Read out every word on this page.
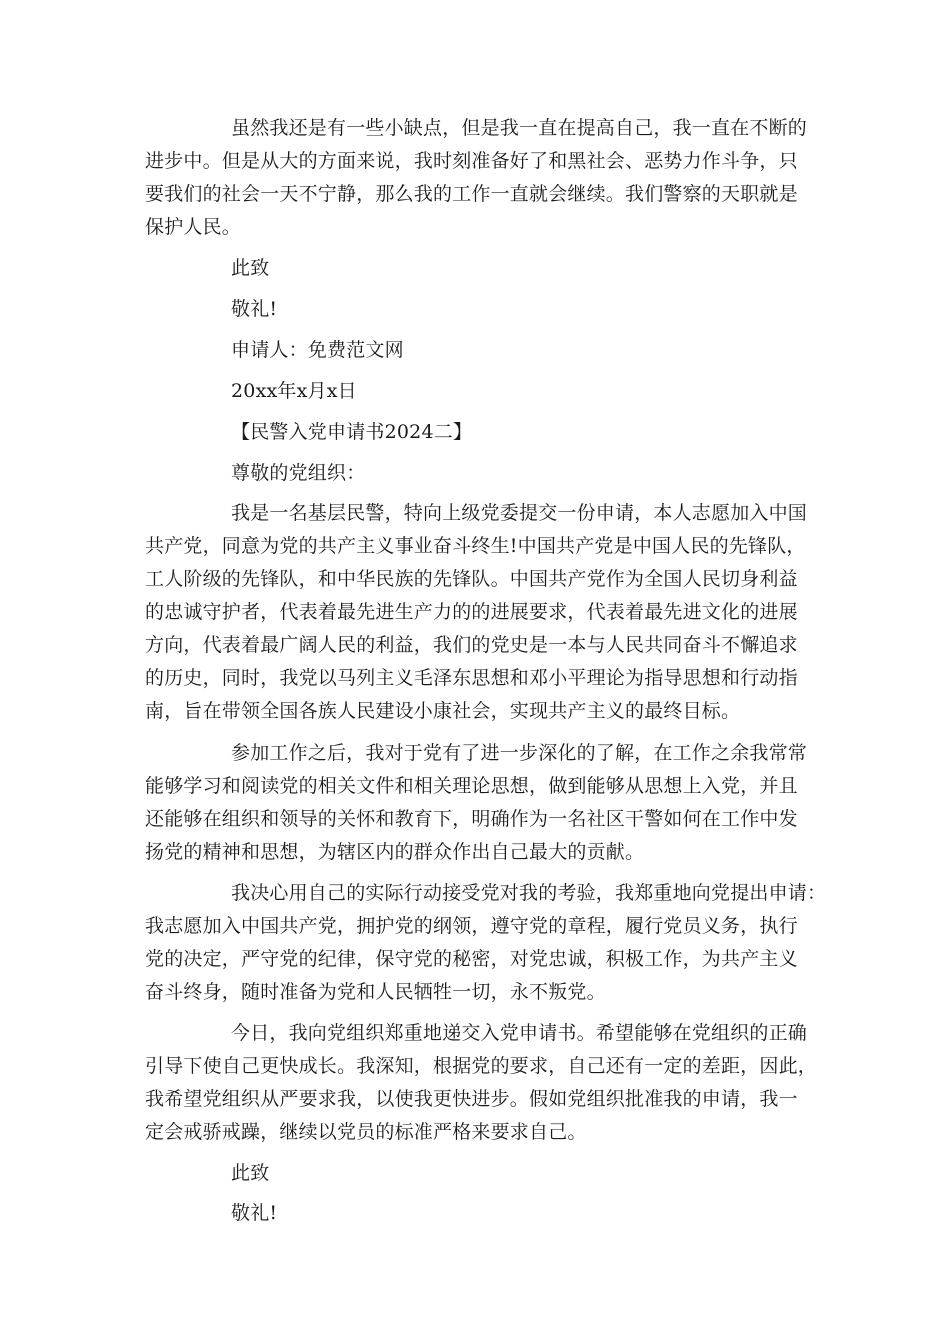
虽然我还是有一些小缺点，但是我一直在提高自己，我一直在不断的
进步中。但是从大的方面来说，我时刻准备好了和黑社会、恶势力作斗争，只
要我们的社会一天不宁静，那么我的工作一直就会继续。我们警察的天职就是
保护人民。
此致
敬礼!
申请人：免费范文网
20xx年x月x日
【民警入党申请书2024二】
尊敬的党组织：
我是一名基层民警，特向上级党委提交一份申请，本人志愿加入中国
共产党，同意为党的共产主义事业奋斗终生!中国共产党是中国人民的先锋队，
工人阶级的先锋队，和中华民族的先锋队。中国共产党作为全国人民切身利益
的忠诚守护者，代表着最先进生产力的的进展要求，代表着最先进文化的进展
方向，代表着最广阔人民的利益，我们的党史是一本与人民共同奋斗不懈追求
的历史，同时，我党以马列主义毛泽东思想和邓小平理论为指导思想和行动指
南，旨在带领全国各族人民建设小康社会，实现共产主义的最终目标。
参加工作之后，我对于党有了进一步深化的了解，在工作之余我常常
能够学习和阅读党的相关文件和相关理论思想，做到能够从思想上入党，并且
还能够在组织和领导的关怀和教育下，明确作为一名社区干警如何在工作中发
扬党的精神和思想，为辖区内的群众作出自己最大的贡献。
我决心用自己的实际行动接受党对我的考验，我郑重地向党提出申请：
我志愿加入中国共产党，拥护党的纲领，遵守党的章程，履行党员义务，执行
党的决定，严守党的纪律，保守党的秘密，对党忠诚，积极工作，为共产主义
奋斗终身，随时准备为党和人民牺牲一切，永不叛党。
今日，我向党组织郑重地递交入党申请书。希望能够在党组织的正确
引导下使自己更快成长。我深知，根据党的要求，自己还有一定的差距，因此，
我希望党组织从严要求我，以使我更快进步。假如党组织批准我的申请，我一
定会戒骄戒躁，继续以党员的标准严格来要求自己。
此致
敬礼!
